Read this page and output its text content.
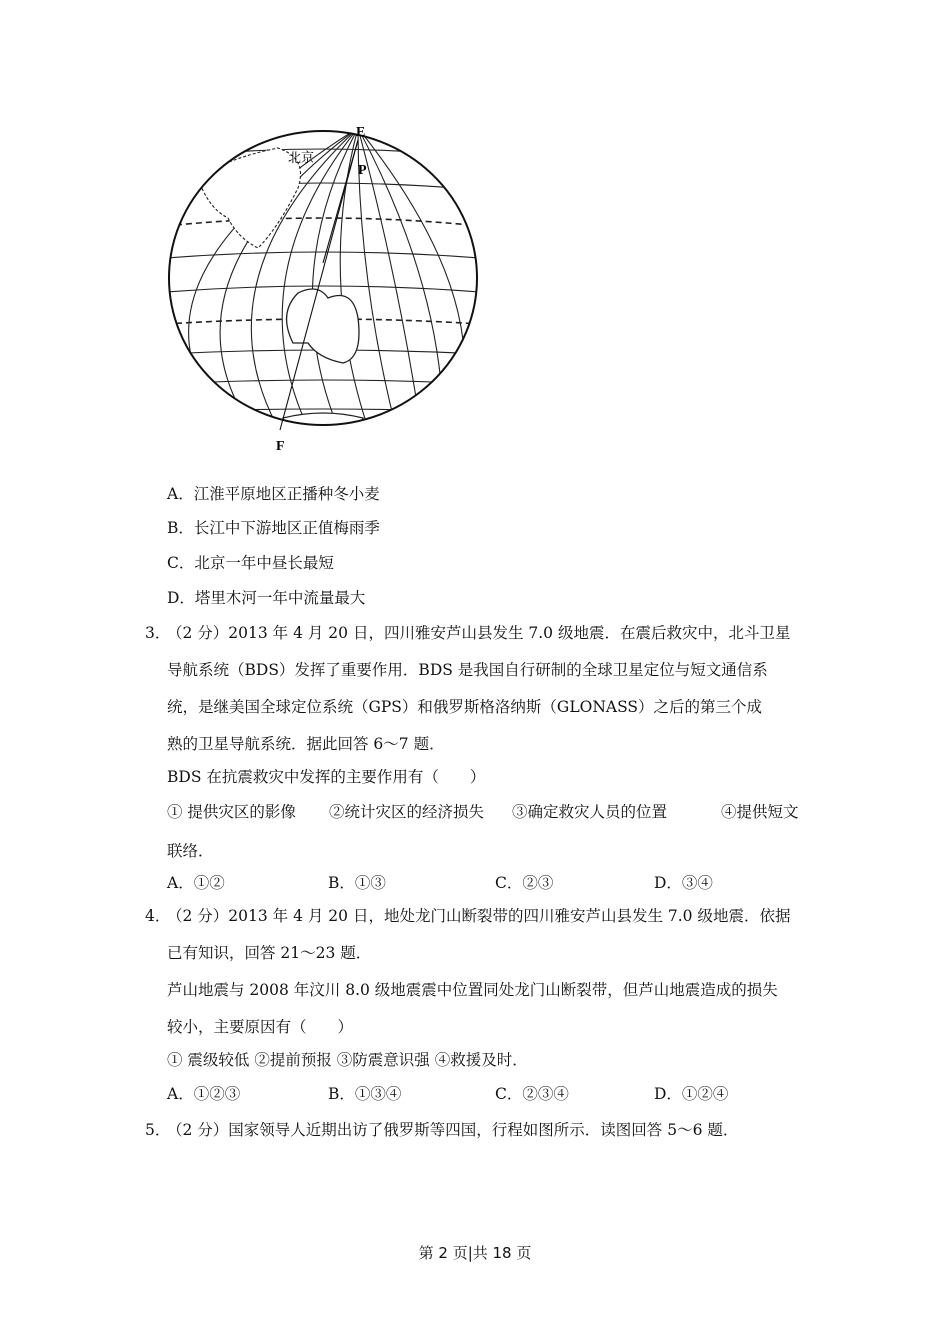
E
P
F
北京
A．江淮平原地区正播种冬小麦
B．长江中下游地区正值梅雨季
C．北京一年中昼长最短
D．塔里木河一年中流量最大
3．
（2 分）2013 年 4 月 20 日，四川雅安芦山县发生 7.0 级地震．在震后救灾中，北斗卫星
导航系统（BDS）发挥了重要作用．BDS 是我国自行研制的全球卫星定位与短文通信系
统，是继美国全球定位系统（GPS）和俄罗斯格洛纳斯（GLONASS）之后的第三个成
熟的卫星导航系统．据此回答 6～7 题．
BDS 在抗震救灾中发挥的主要作用有（　　）
① 提供灾区的影像 ②统计灾区的经济损失 ③确定救灾人员的位置	④提供短文
联络．
A．①②	B．①③	C．②③	D．③④
4．
（2 分）2013 年 4 月 20 日，地处龙门山断裂带的四川雅安芦山县发生 7.0 级地震．依据
已有知识，回答 21～23 题．
芦山地震与 2008 年汶川 8.0 级地震震中位置同处龙门山断裂带，但芦山地震造成的损失
较小，主要原因有（　　）
① 震级较低 ②提前预报 ③防震意识强 ④救援及时．
A．①②③	B．①③④	C．②③④	D．①②④
5．
（2 分）国家领导人近期出访了俄罗斯等四国，行程如图所示．读图回答 5～6 题．
第 2 页|共 18 页
